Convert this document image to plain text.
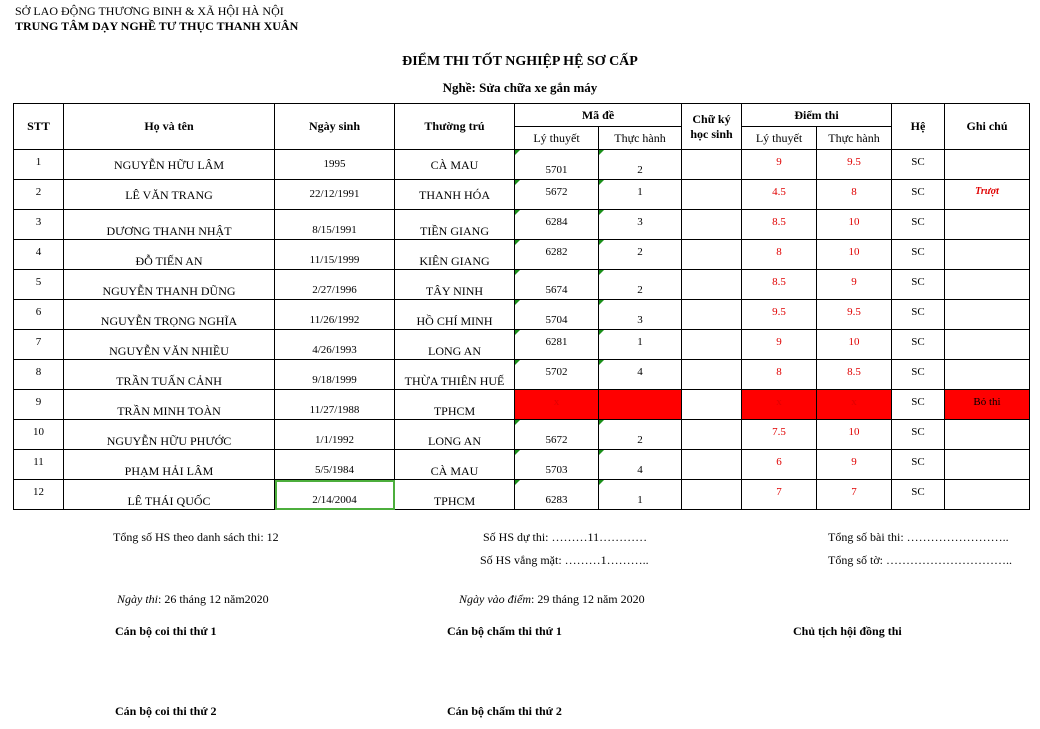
SỞ LAO ĐỘNG THƯƠNG BINH & XÃ HỘI HÀ NỘI
TRUNG TÂM DẠY NGHỀ TƯ THỤC THANH XUÂN
ĐIỂM THI TỐT NGHIỆP HỆ SƠ CẤP
Nghề: Sửa chữa xe gắn máy
STT	Họ và tên	Ngày sinh	Thường trú	Mã đề		Chữ ký
học sinh	Điểm thi		Hệ	Ghi chú
				Lý thuyết	Thực hành		Lý thuyết	Thực hành		

1	NGUYỄN HỮU LÂM	1995	CÀ MAU	5701	2		9	9.5	SC	

2	LÊ VĂN TRANG	22/12/1991	THANH HÓA	5672	1		4.5	8	SC	Trượt

3	DƯƠNG THANH NHẬT	8/15/1991	TIỀN GIANG	6284	3		8.5	10	SC	

4	ĐỖ TIẾN AN	11/15/1999	KIÊN GIANG	6282	2		8	10	SC	

5	NGUYỄN THANH DŨNG	2/27/1996	TÂY NINH	5674	2		8.5	9	SC	

6	NGUYỄN TRỌNG NGHĨA	11/26/1992	HỒ CHÍ MINH	5704	3		9.5	9.5	SC	

7	NGUYỄN VĂN NHIỀU	4/26/1993	LONG AN	6281	1		9	10	SC	

8	TRẦN TUẤN CẢNH	9/18/1999	THỪA THIÊN HUẾ	5702	4		8	8.5	SC	

9	TRẦN MINH TOÀN	11/27/1988	TPHCM	x			x	x	SC	Bỏ thi

10	NGUYỄN HỮU PHƯỚC	1/1/1992	LONG AN	5672	2		7.5	10	SC	

11	PHẠM HẢI LÂM	5/5/1984	CÀ MAU	5703	4		6	9	SC	

12	LÊ THÁI QUỐC	2/14/2004	TPHCM	6283	1		7	7	SC	

Tổng số HS theo danh sách thi: 12	Số HS dự thi: ………11…………
Số HS vắng mặt: ………1………..
Tổng số bài thi: ……………………..
Tổng số tờ: …………………………..
Ngày thi: 26 tháng 12 năm2020	Ngày vào điểm: 29 tháng 12 năm 2020
Cán bộ coi thi thứ 1	Cán bộ chấm thi thứ 1	Chủ tịch hội đồng thi
Cán bộ coi thi thứ 2	Cán bộ chấm thi thứ 2
